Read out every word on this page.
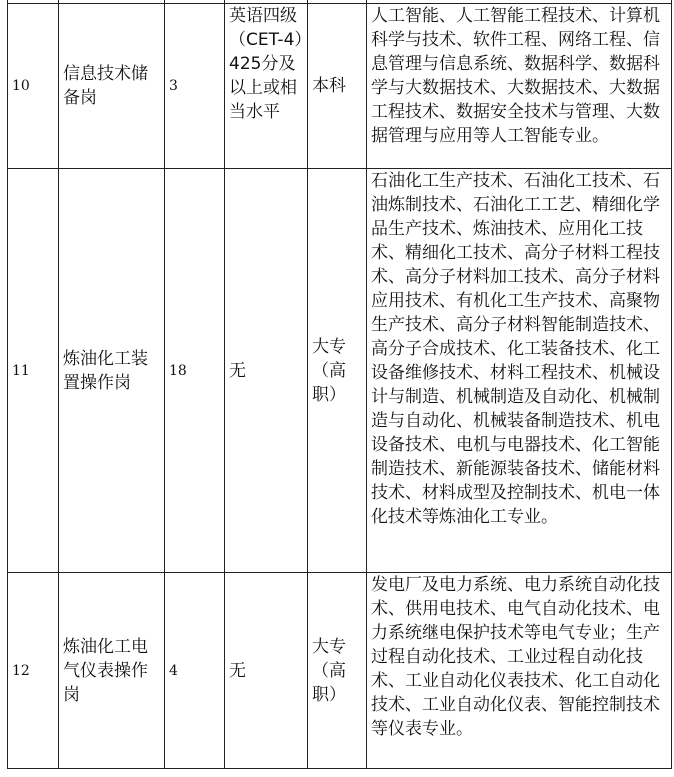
10	信息技术储备岗	3	英语四级（CET-4）425分及以上或相当水平	本科	人工智能、人工智能工程技术、计算机科学与技术、软件工程、网络工程、信息管理与信息系统、数据科学、数据科学与大数据技术、大数据技术、大数据工程技术、数据安全技术与管理、大数据管理与应用等人工智能专业。
11	炼油化工装置操作岗	18	无	大专（高职）	石油化工生产技术、石油化工技术、石油炼制技术、石油化工工艺、精细化学品生产技术、炼油技术、应用化工技术、精细化工技术、高分子材料工程技术、高分子材料加工技术、高分子材料应用技术、有机化工生产技术、高聚物生产技术、高分子材料智能制造技术、高分子合成技术、化工装备技术、化工设备维修技术、材料工程技术、机械设计与制造、机械制造及自动化、机械制造与自动化、机械装备制造技术、机电设备技术、电机与电器技术、化工智能制造技术、新能源装备技术、储能材料技术、材料成型及控制技术、机电一体化技术等炼油化工专业。
12	炼油化工电气仪表操作岗	4	无	大专（高职）	发电厂及电力系统、电力系统自动化技术、供用电技术、电气自动化技术、电力系统继电保护技术等电气专业；生产过程自动化技术、工业过程自动化技术、工业自动化仪表技术、化工自动化技术、工业自动化仪表、智能控制技术等仪表专业。
